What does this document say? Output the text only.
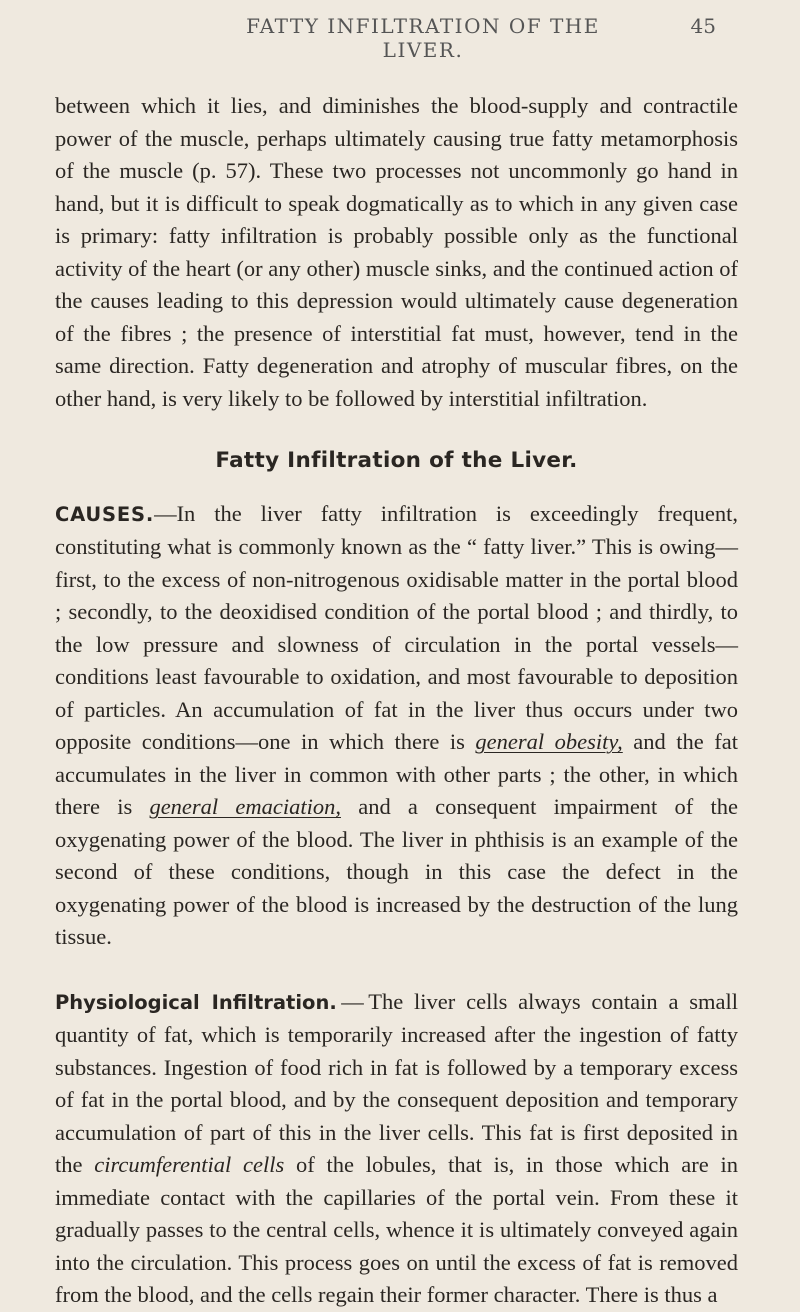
FATTY INFILTRATION OF THE LIVER.
45

between which it lies, and diminishes the blood-supply and contractile power of the muscle, perhaps ultimately causing true fatty metamorphosis of the muscle (p. 57). These two processes not uncommonly go hand in hand, but it is difficult to speak dogmatically as to which in any given case is primary: fatty infiltration is probably possible only as the functional activity of the heart (or any other) muscle sinks, and the continued action of the causes leading to this depression would ultimately cause degeneration of the fibres ; the presence of interstitial fat must, however, tend in the same direction. Fatty degeneration and atrophy of muscular fibres, on the other hand, is very likely to be followed by interstitial infiltration.

Fatty Infiltration of the Liver.

CAUSES.—In the liver fatty infiltration is exceedingly frequent, constituting what is commonly known as the “ fatty liver.” This is owing—first, to the excess of non-nitrogenous oxidisable matter in the portal blood ; secondly, to the deoxidised condition of the portal blood ; and thirdly, to the low pressure and slowness of circulation in the portal vessels—conditions least favourable to oxidation, and most favourable to deposition of particles. An accumulation of fat in the liver thus occurs under two opposite conditions—one in which there is general obesity, and the fat accumulates in the liver in common with other parts ; the other, in which there is general emaciation, and a consequent impairment of the oxygenating power of the blood. The liver in phthisis is an example of the second of these conditions, though in this case the defect in the oxygenating power of the blood is increased by the destruction of the lung tissue.

Physiological Infiltration. — The liver cells always contain a small quantity of fat, which is temporarily increased after the ingestion of fatty substances. Ingestion of food rich in fat is followed by a temporary excess of fat in the portal blood, and by the consequent deposition and temporary accumulation of part of this in the liver cells. This fat is first deposited in the circumferential cells of the lobules, that is, in those which are in immediate contact with the capillaries of the portal vein. From these it gradually passes to the central cells, whence it is ultimately conveyed again into the circulation. This process goes on until the excess of fat is removed from the blood, and the cells regain their former character. There is thus a
